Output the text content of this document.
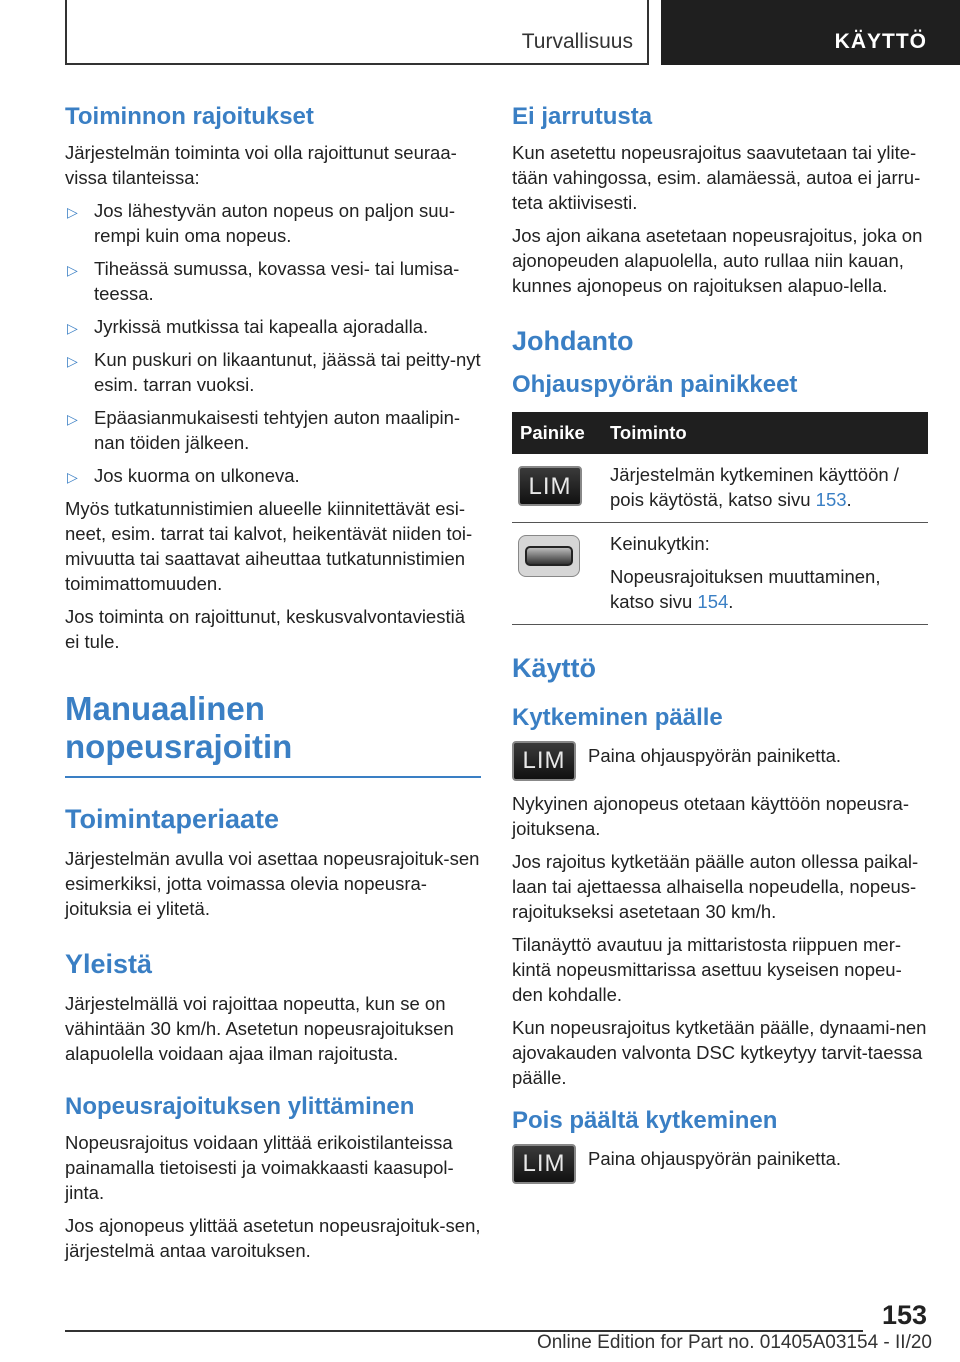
Turvallisuus	KÄYTTÖ
Toiminnon rajoitukset

Järjestelmän toiminta voi olla rajoittunut seuraa-vissa tilanteissa:

▷ Jos lähestyvän auton nopeus on paljon suu-rempi kuin oma nopeus.
▷ Tiheässä sumussa, kovassa vesi- tai lumisa-teessa.
▷ Jyrkissä mutkissa tai kapealla ajoradalla.
▷ Kun puskuri on likaantunut, jäässä tai peitty-nyt esim. tarran vuoksi.
▷ Epäasianmukaisesti tehtyjen auton maalipin-nan töiden jälkeen.
▷ Jos kuorma on ulkoneva.

Myös tutkatunnistimien alueelle kiinnitettävät esi-neet, esim. tarrat tai kalvot, heikentävät niiden toi-mivuutta tai saattavat aiheuttaa tutkatunnistimien toimimattomuuden.

Jos toiminta on rajoittunut, keskusvalvontaviestiä ei tule.

Manuaalinen
nopeusrajoitin
Toimintaperiaate

Järjestelmän avulla voi asettaa nopeusrajoituk-sen esimerkiksi, jotta voimassa olevia nopeusra-joituksia ei ylitetä.

Yleistä

Järjestelmällä voi rajoittaa nopeutta, kun se on vähintään 30 km/h. Asetetun nopeusrajoituksen alapuolella voidaan ajaa ilman rajoitusta.

Nopeusrajoituksen ylittäminen

Nopeusrajoitus voidaan ylittää erikoistilanteissa painamalla tietoisesti ja voimakkaasti kaasupol-jinta.

Jos ajonopeus ylittää asetetun nopeusrajoituk-sen, järjestelmä antaa varoituksen.

Ei jarrutusta

Kun asetettu nopeusrajoitus saavutetaan tai ylite-tään vahingossa, esim. alamäessä, autoa ei jarru-teta aktiivisesti.

Jos ajon aikana asetetaan nopeusrajoitus, joka on ajonopeuden alapuolella, auto rullaa niin kauan, kunnes ajonopeus on rajoituksen alapuo-lella.

Johdanto
Ohjauspyörän painikkeet
Painike	Toiminto
LIM	Järjestelmän kytkeminen käyttöön / pois käytöstä, katso sivu 153.

	Keinukytkin:

Nopeusrajoituksen muuttaminen, katso sivu 154.
Käyttö
Kytkeminen päälle
LIM	Paina ohjauspyörän painiketta.

Nykyinen ajonopeus otetaan käyttöön nopeusra-joituksena.

Jos rajoitus kytketään päälle auton ollessa paikal-laan tai ajettaessa alhaisella nopeudella, nopeus-rajoitukseksi asetetaan 30 km/h.

Tilanäyttö avautuu ja mittaristosta riippuen mer-kintä nopeusmittarissa asettuu kyseisen nopeu-den kohdalle.

Kun nopeusrajoitus kytketään päälle, dynaami-nen ajovakauden valvonta DSC kytkeytyy tarvit-taessa päälle.

Pois päältä kytkeminen
LIM	Paina ohjauspyörän painiketta.
153
Online Edition for Part no. 01405A03154 - II/20
